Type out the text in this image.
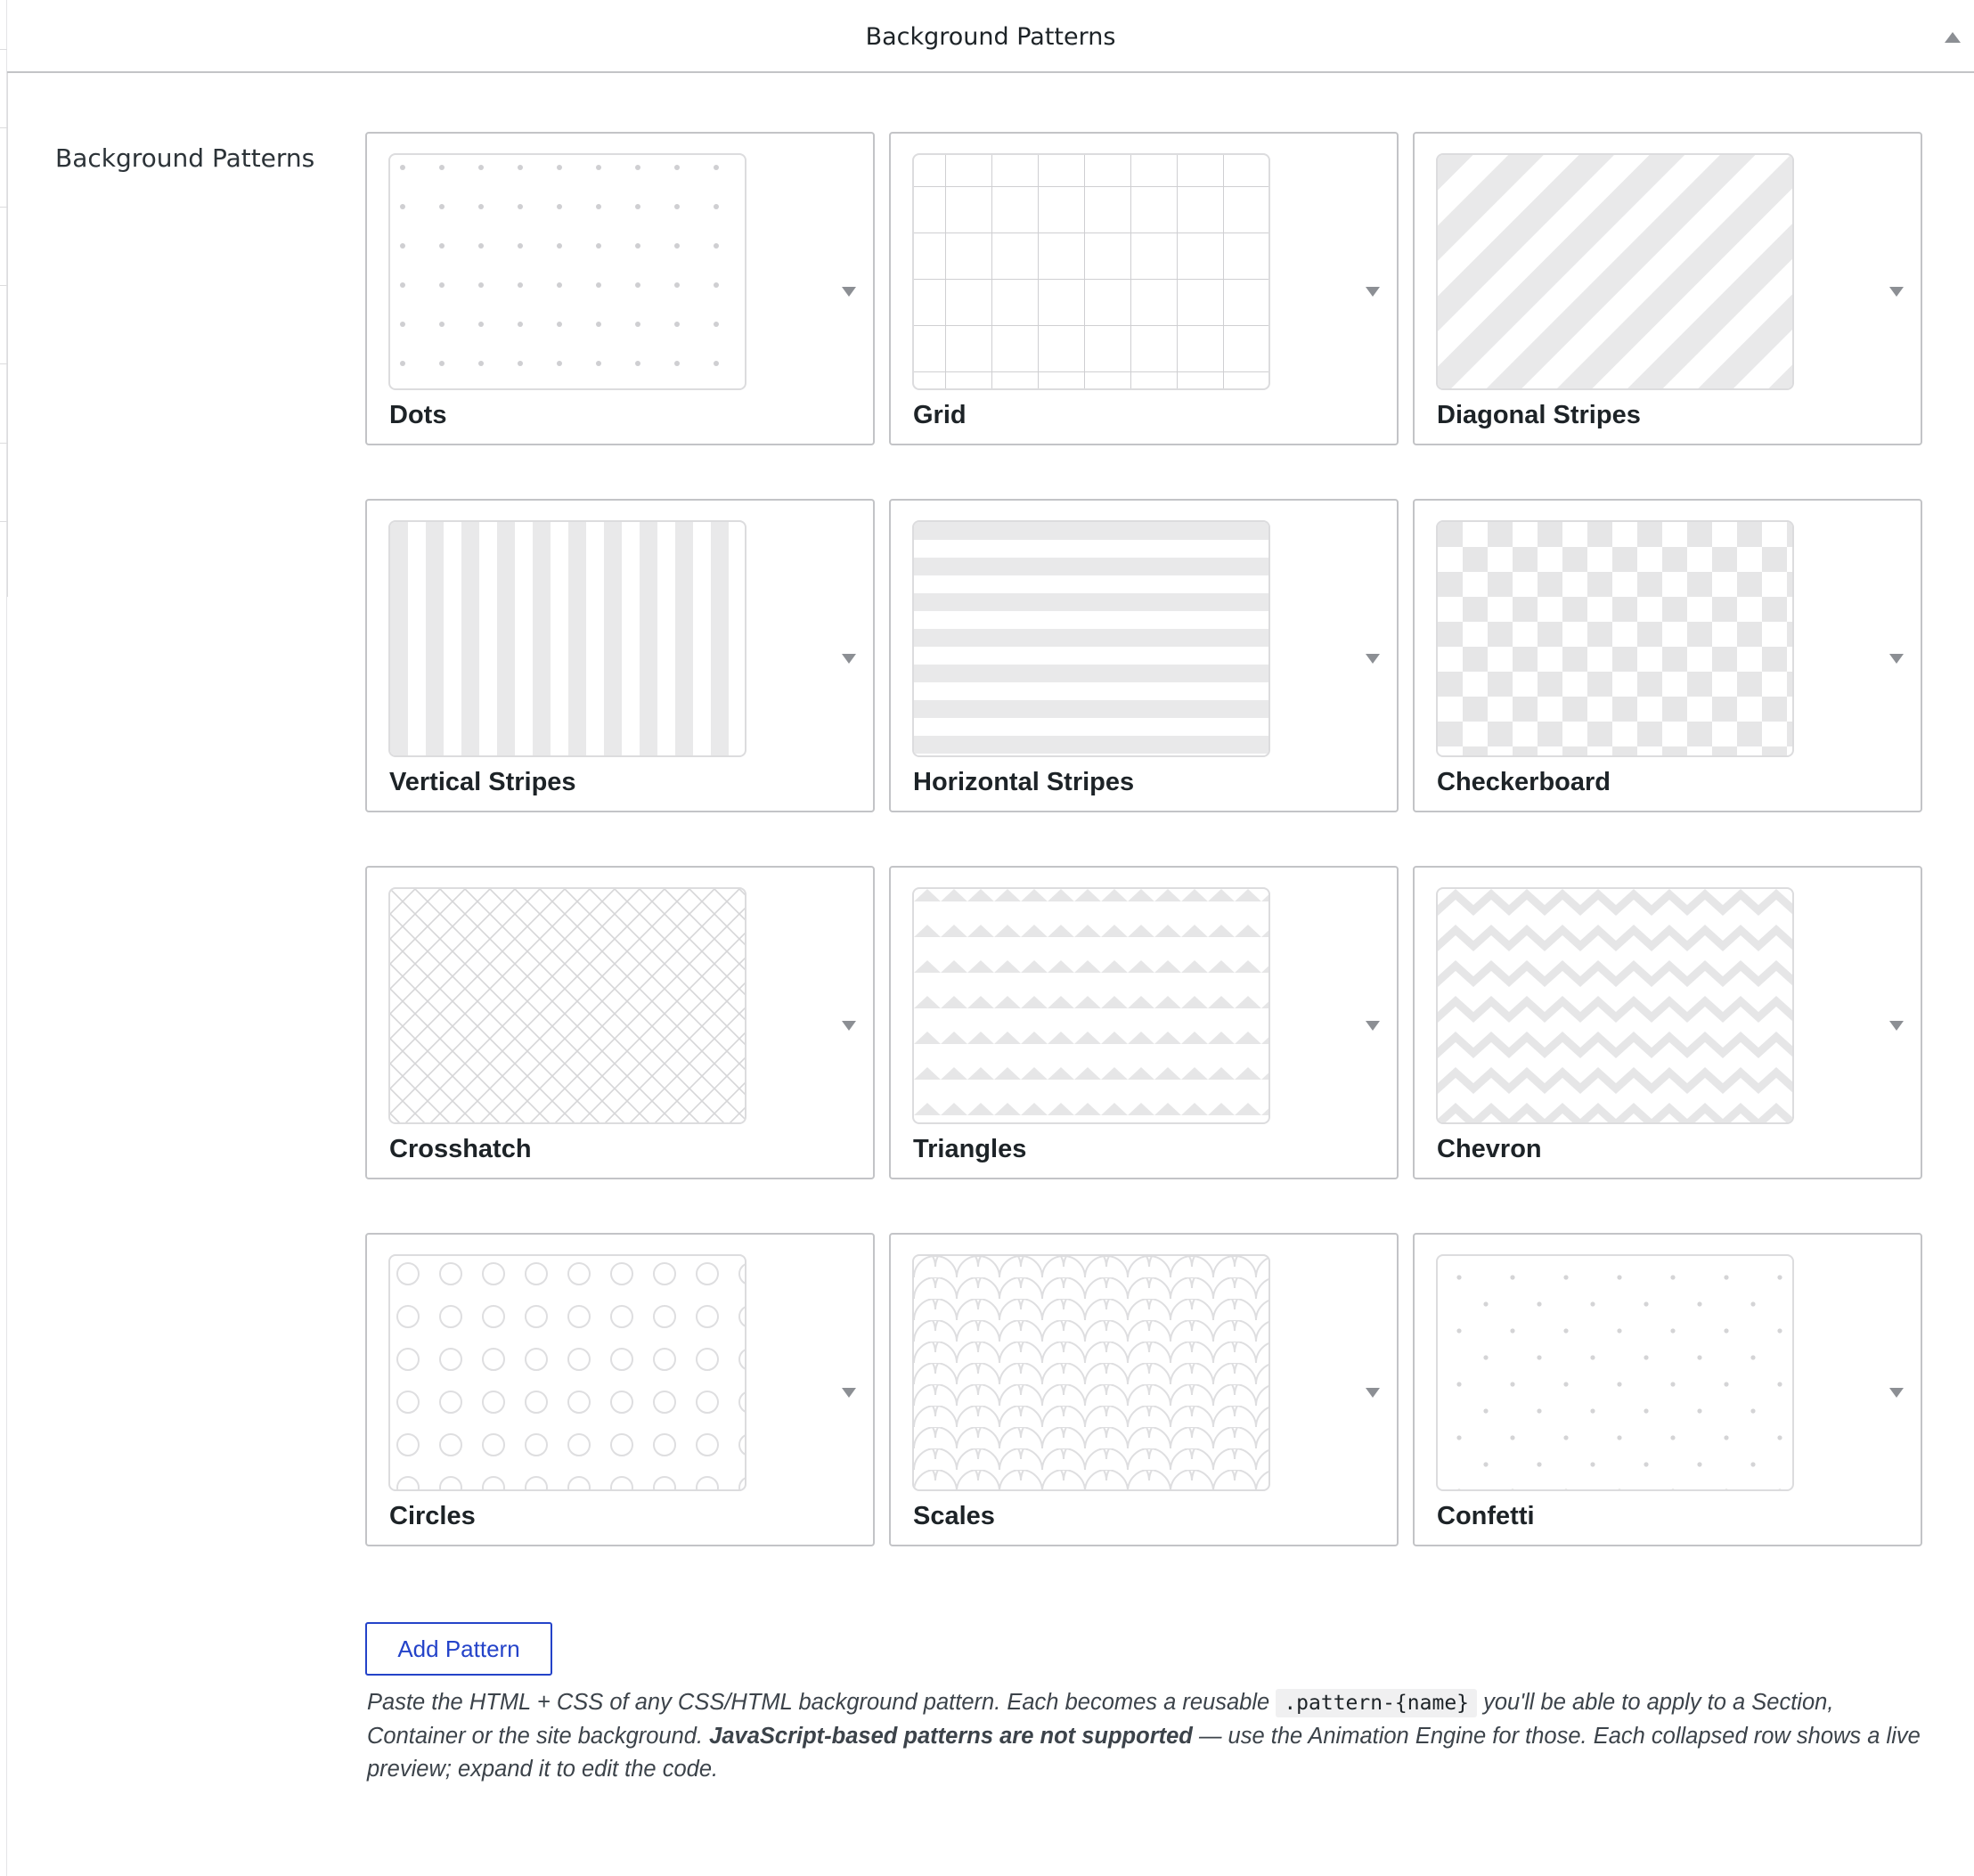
Background Patterns
Background Patterns
Dots	Grid	Diagonal Stripes
Vertical Stripes	Horizontal Stripes	Checkerboard
Crosshatch	Triangles	Chevron
Circles	Scales	Confetti
Add Pattern
Paste the HTML + CSS of any CSS/HTML background pattern. Each becomes a reusable .pattern-{name} you'll be able to apply to a Section, Container or the site background. JavaScript-based patterns are not supported — use the Animation Engine for those. Each collapsed row shows a live preview; expand it to edit the code.
